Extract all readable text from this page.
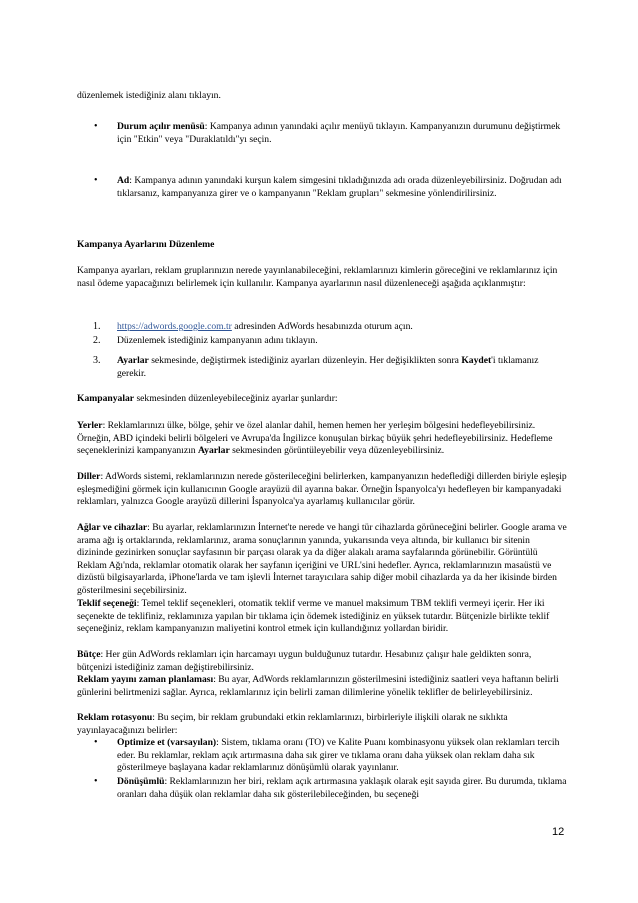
düzenlemek istediğiniz alanı tıklayın.
• Durum açılır menüsü: Kampanya adının yanındaki açılır menüyü tıklayın. Kampanyanızın durumunu değiştirmek için "Etkin" veya "Duraklatıldı"yı seçin.
• Ad: Kampanya adının yanındaki kurşun kalem simgesini tıkladığınızda adı orada düzenleyebilirsiniz. Doğrudan adı tıklarsanız, kampanyanıza girer ve o kampanyanın "Reklam grupları" sekmesine yönlendirilirsiniz.
Kampanya Ayarlarını Düzenleme
Kampanya ayarları, reklam gruplarınızın nerede yayınlanabileceğini, reklamlarınızı kimlerin göreceğini ve reklamlarınız için nasıl ödeme yapacağınızı belirlemek için kullanılır. Kampanya ayarlarının nasıl düzenleneceği aşağıda açıklanmıştır:
1. https://adwords.google.com.tr adresinden AdWords hesabınızda oturum açın.
2. Düzenlemek istediğiniz kampanyanın adını tıklayın.
3. Ayarlar sekmesinde, değiştirmek istediğiniz ayarları düzenleyin. Her değişiklikten sonra Kaydet'i tıklamanız gerekir.
Kampanyalar sekmesinden düzenleyebileceğiniz ayarlar şunlardır:
Yerler: Reklamlarınızı ülke, bölge, şehir ve özel alanlar dahil, hemen hemen her yerleşim bölgesini hedefleyebilirsiniz. Örneğin, ABD içindeki belirli bölgeleri ve Avrupa'da İngilizce konuşulan birkaç büyük şehri hedefleyebilirsiniz. Hedefleme seçeneklerinizi kampanyanızın Ayarlar sekmesinden görüntüleyebilir veya düzenleyebilirsiniz.
Diller: AdWords sistemi, reklamlarınızın nerede gösterileceğini belirlerken, kampanyanızın hedeflediği dillerden biriyle eşleşip eşleşmediğini görmek için kullanıcının Google arayüzü dil ayarına bakar. Örneğin İspanyolca'yı hedefleyen bir kampanyadaki reklamları, yalnızca Google arayüzü dillerini İspanyolca'ya ayarlamış kullanıcılar görür.
Ağlar ve cihazlar: Bu ayarlar, reklamlarınızın İnternet'te nerede ve hangi tür cihazlarda görüneceğini belirler. Google arama ve arama ağı iş ortaklarında, reklamlarınız, arama sonuçlarının yanında, yukarısında veya altında, bir kullanıcı bir sitenin dizininde gezinirken sonuçlar sayfasının bir parçası olarak ya da diğer alakalı arama sayfalarında görünebilir. Görüntülü Reklam Ağı'nda, reklamlar otomatik olarak her sayfanın içeriğini ve URL'sini hedefler. Ayrıca, reklamlarınızın masaüstü ve dizüstü bilgisayarlarda, iPhone'larda ve tam işlevli İnternet tarayıcılara sahip diğer mobil cihazlarda ya da her ikisinde birden gösterilmesini seçebilirsiniz.
Teklif seçeneği: Temel teklif seçenekleri, otomatik teklif verme ve manuel maksimum TBM teklifi vermeyi içerir. Her iki seçenekte de teklifiniz, reklamınıza yapılan bir tıklama için ödemek istediğiniz en yüksek tutardır. Bütçenizle birlikte teklif seçeneğiniz, reklam kampanyanızın maliyetini kontrol etmek için kullandığınız yollardan biridir.
Bütçe: Her gün AdWords reklamları için harcamayı uygun bulduğunuz tutardır. Hesabınız çalışır hale geldikten sonra, bütçenizi istediğiniz zaman değiştirebilirsiniz.
Reklam yayını zaman planlaması: Bu ayar, AdWords reklamlarınızın gösterilmesini istediğiniz saatleri veya haftanın belirli günlerini belirtmenizi sağlar. Ayrıca, reklamlarınız için belirli zaman dilimlerine yönelik teklifler de belirleyebilirsiniz.
Reklam rotasyonu: Bu seçim, bir reklam grubundaki etkin reklamlarınızı, birbirleriyle ilişkili olarak ne sıklıkta yayınlayacağınızı belirler:
• Optimize et (varsayılan): Sistem, tıklama oranı (TO) ve Kalite Puanı kombinasyonu yüksek olan reklamları tercih eder. Bu reklamlar, reklam açık artırmasına daha sık girer ve tıklama oranı daha yüksek olan reklam daha sık gösterilmeye başlayana kadar reklamlarınız dönüşümlü olarak yayınlanır.
• Dönüşümlü: Reklamlarınızın her biri, reklam açık artırmasına yaklaşık olarak eşit sayıda girer. Bu durumda, tıklama oranları daha düşük olan reklamlar daha sık gösterilebileceğinden, bu seçeneği
12
